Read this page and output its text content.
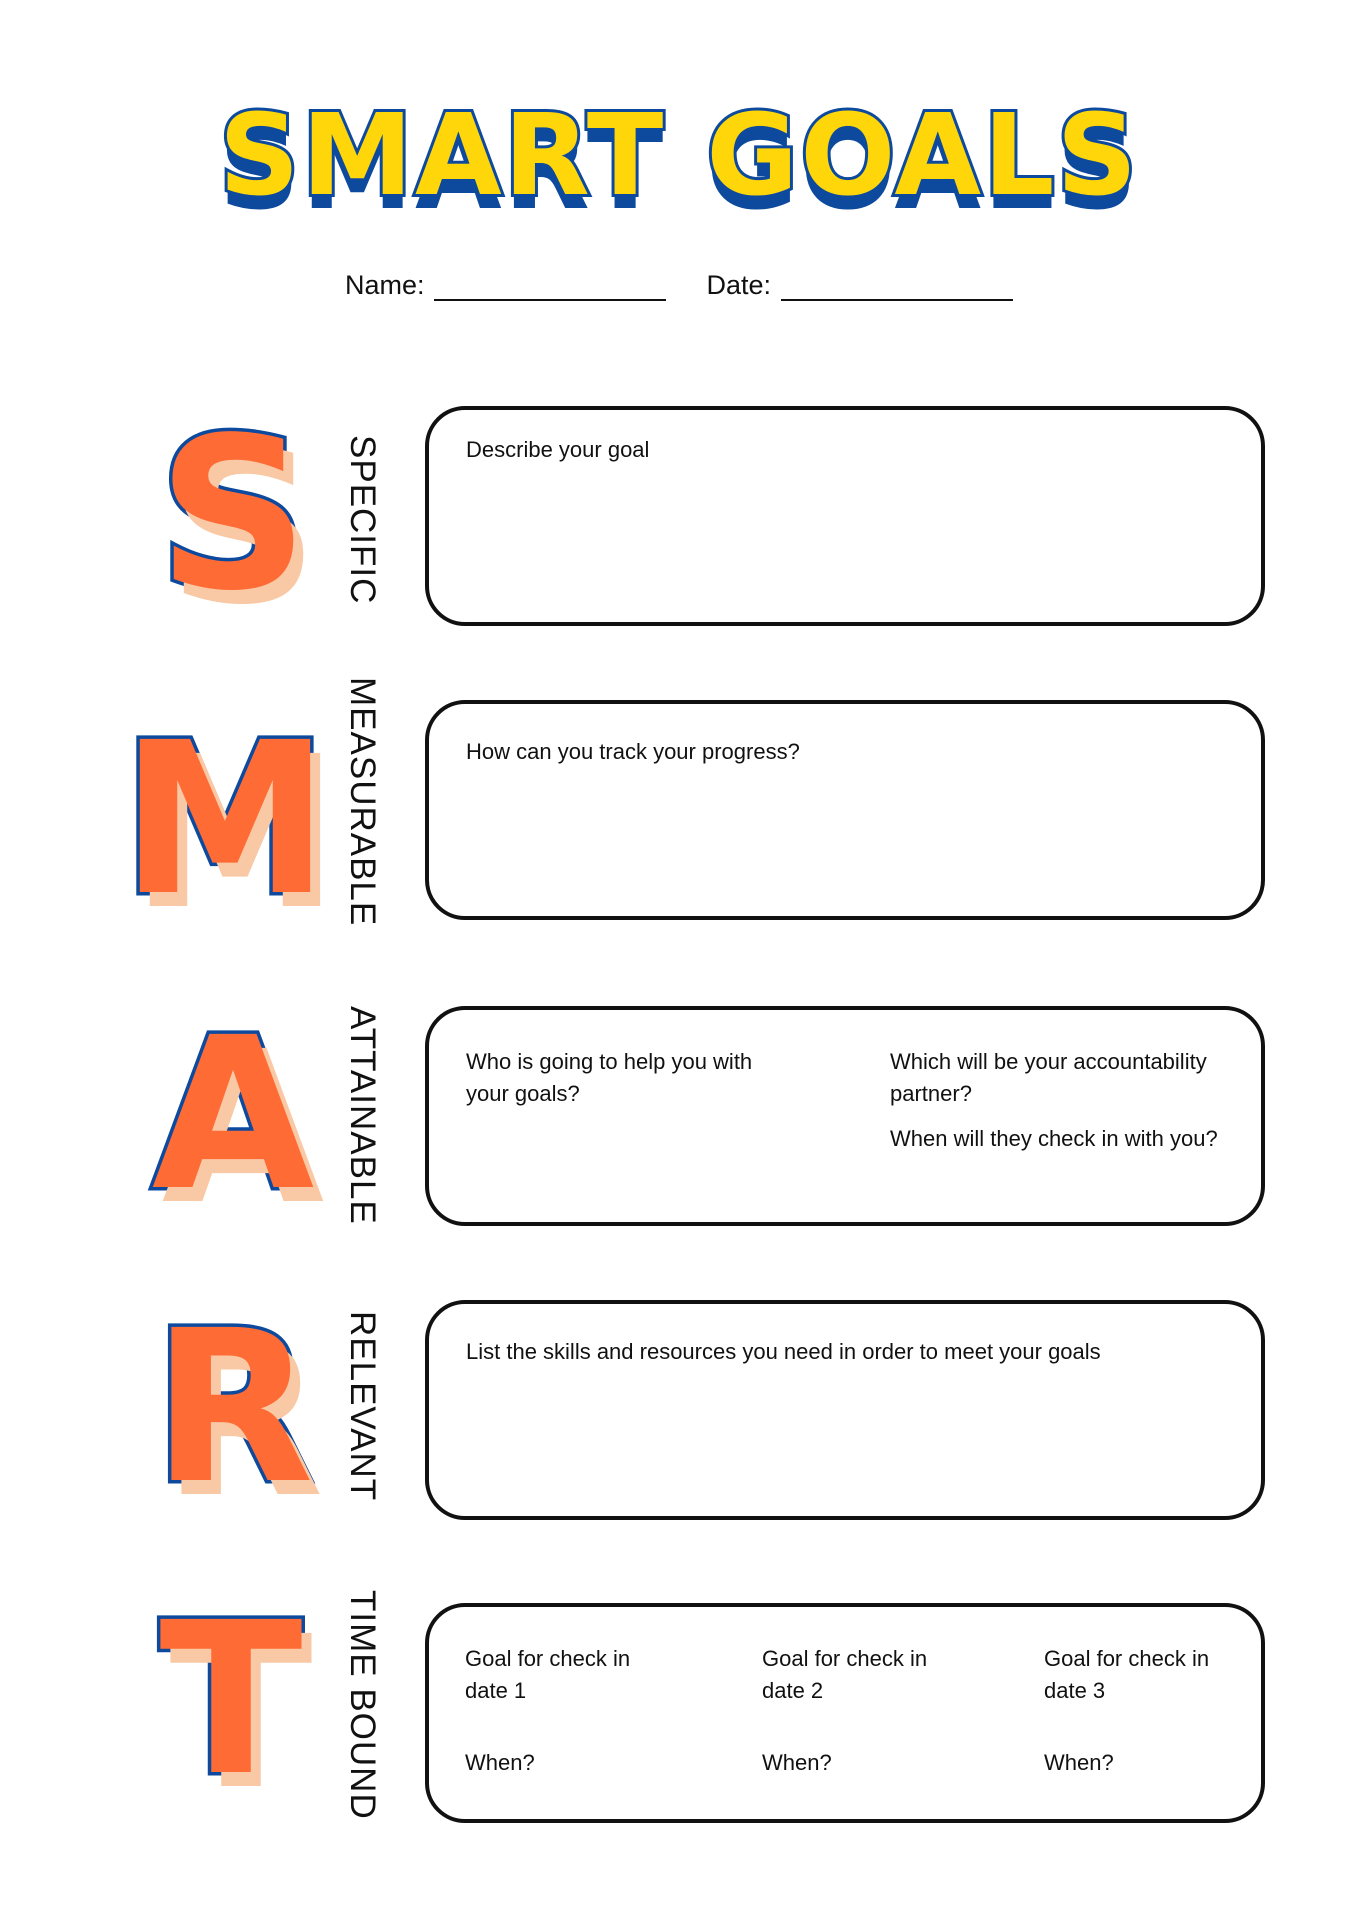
SMART GOALS
Name:	Date:
S SPECIFIC	Describe your goal
M MEASURABLE	How can you track your progress?
A ATTAINABLE	Who is going to help you with your goals?
Which will be your accountability partner?
When will they check in with you?
R RELEVANT	List the skills and resources you need in order to meet your goals
T	TIME BOUND	Goal for check in date 1
When?
Goal for check in date 2
When?
Goal for check in date 3
When?
